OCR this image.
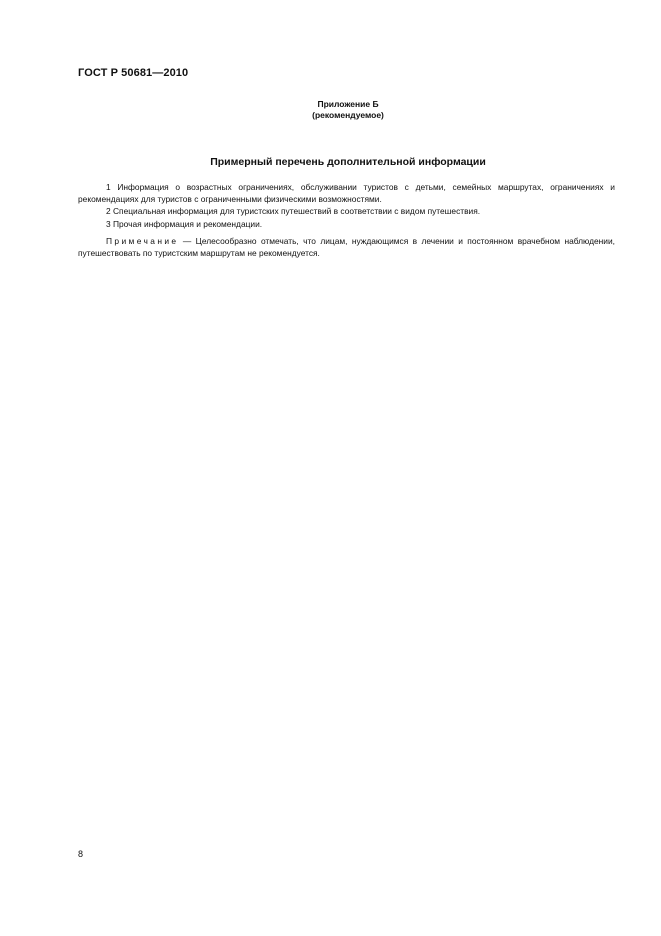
ГОСТ Р 50681—2010
Приложение Б
(рекомендуемое)
Примерный перечень дополнительной информации

1 Информация о возрастных ограничениях, обслуживании туристов с детьми, семейных маршрутах, ограничениях и рекомендациях для туристов с ограниченными физическими возможностями.

2 Специальная информация для туристских путешествий в соответствии с видом путешествия.

3 Прочая информация и рекомендации.

Примечание — Целесообразно отмечать, что лицам, нуждающимся в лечении и постоянном врачебном наблюдении, путешествовать по туристским маршрутам не рекомендуется.

8
